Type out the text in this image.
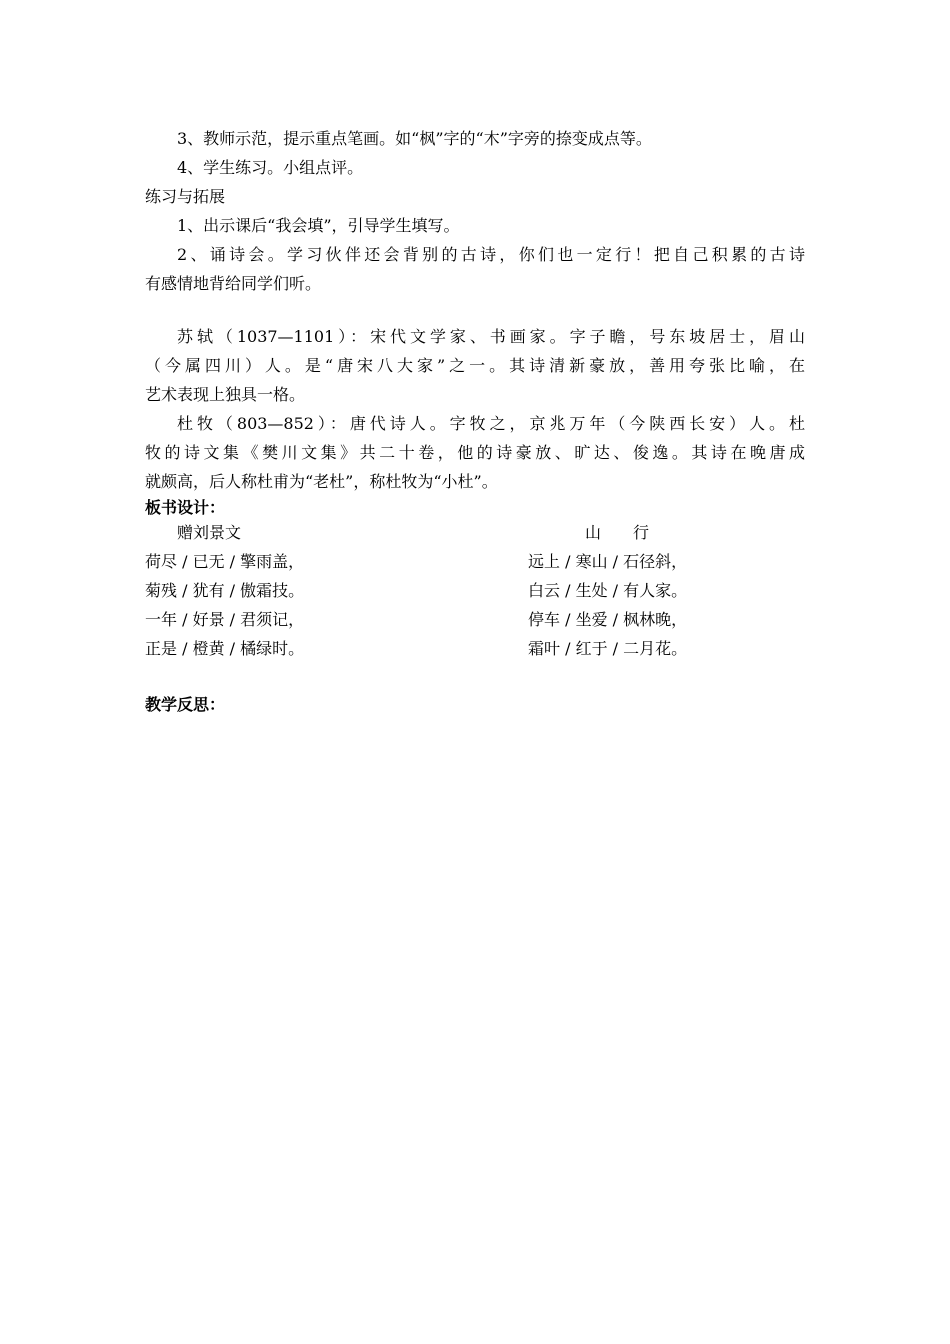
3、教师示范，提示重点笔画。如“枫”字的“木”字旁的捺变成点等。
4、学生练习。小组点评。
练习与拓展
1、出示课后“我会填”，引导学生填写。
2、诵诗会。学习伙伴还会背别的古诗，你们也一定行！把自己积累的古诗
有感情地背给同学们听。
苏轼（1037—1101）：宋代文学家、书画家。字子瞻，号东坡居士，眉山
（今属四川）人。是“唐宋八大家”之一。其诗清新豪放，善用夸张比喻，在
艺术表现上独具一格。
杜牧（803—852）：唐代诗人。字牧之，京兆万年（今陕西长安）人。杜
牧的诗文集《樊川文集》共二十卷，他的诗豪放、旷达、俊逸。其诗在晚唐成
就颇高，后人称杜甫为“老杜”，称杜牧为“小杜”。
板书设计：
赠刘景文	山　　行
荷尽 / 已无 / 擎雨盖，	远上 / 寒山 / 石径斜，
菊残 / 犹有 / 傲霜技。	白云 / 生处 / 有人家。
一年 / 好景 / 君须记，	停车 / 坐爱 / 枫林晚，
正是 / 橙黄 / 橘绿时。	霜叶 / 红于 / 二月花。
教学反思：
